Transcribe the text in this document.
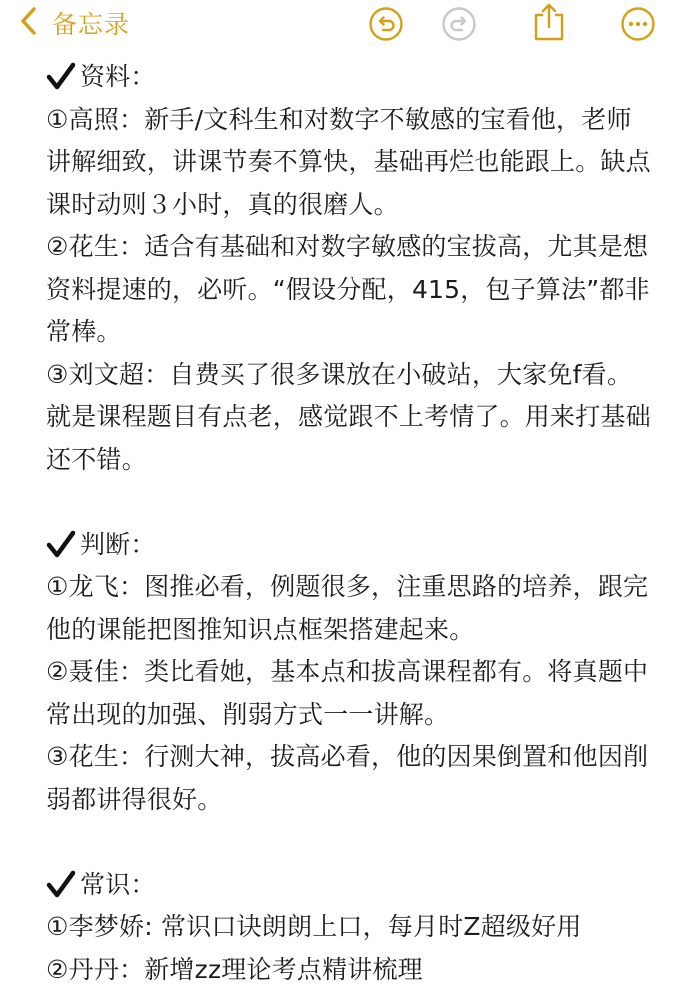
备忘录
资料：
①高照：新手/文科生和对数字不敏感的宝看他，老师讲解细致，讲课节奏不算快，基础再烂也能跟上。缺点课时动则３小时，真的很磨人。
②花生：适合有基础和对数字敏感的宝拔高，尤其是想资料提速的，必听。“假设分配，415，包子算法”都非常棒。
③刘文超：自费买了很多课放在小破站，大家免f看。就是课程题目有点老，感觉跟不上考情了。用来打基础还不错。
判断：
①龙飞：图推必看，例题很多，注重思路的培养，跟完他的课能把图推知识点框架搭建起来。
②聂佳：类比看她，基本点和拔高课程都有。将真题中常出现的加强、削弱方式一一讲解。
③花生：行测大神，拔高必看，他的因果倒置和他因削弱都讲得很好。
常识：
①李梦娇: 常识口诀朗朗上口，每月时Z超级好用
②丹丹：新增zz理论考点精讲梳理
